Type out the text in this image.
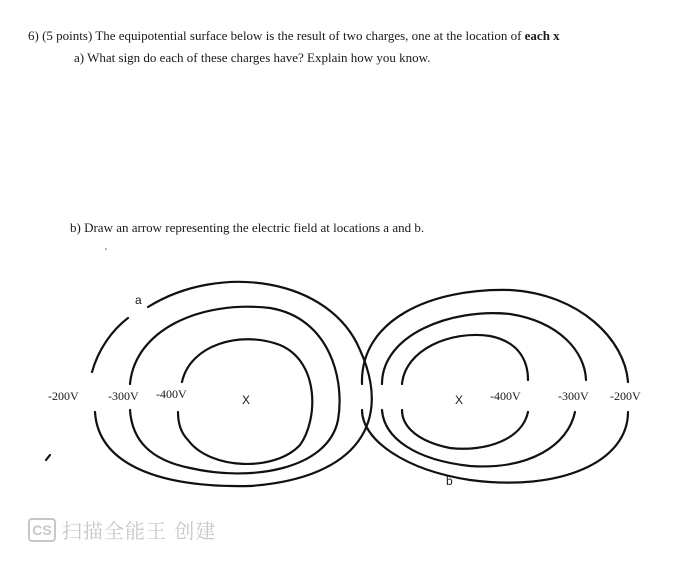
6) (5 points) The equipotential surface below is the result of two charges, one at the location of each x
a) What sign do each of these charges have? Explain how you know.
b) Draw an arrow representing the electric field at locations a and b.
-200V -300V -400V	X	X -400V	-300V -200V
a
b
CS 扫描全能王 创建
